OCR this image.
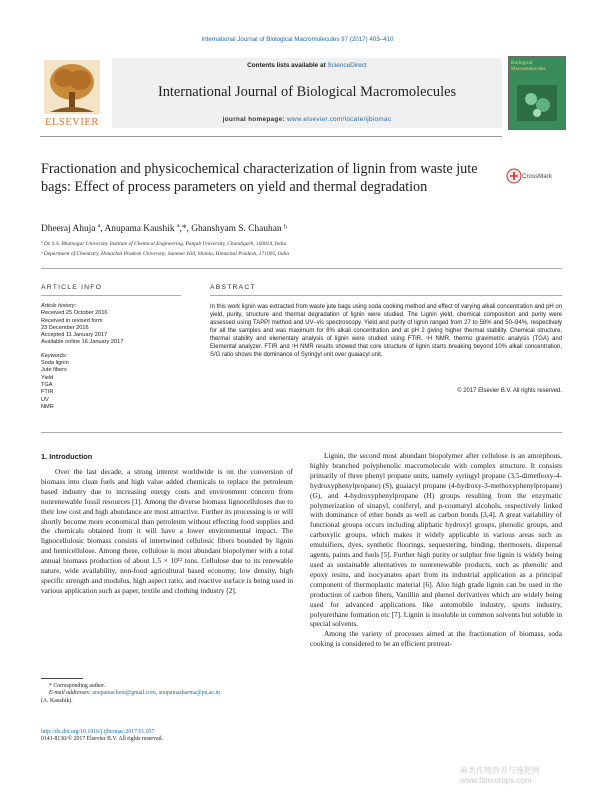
International Journal of Biological Macromolecules 97 (2017) 403–410
ELSEVIER
Contents lists available at ScienceDirect
International Journal of Biological Macromolecules
journal homepage: www.elsevier.com/locate/ijbiomac
Biological Macromolecules
Fractionation and physicochemical characterization of lignin from waste jute bags: Effect of process parameters on yield and thermal degradation
CrossMark
Dheeraj Ahuja ª, Anupama Kaushik ª,*, Ghanshyam S. Chauhan ᵇ
ª Dr. S.S. Bhatnagar University Institute of Chemical Engineering, Panjab University, Chandigarh, 160014, India
ᵇ Department of Chemistry, Himachal Pradesh University, Summer Hill, Shimla, Himachal Pradesh, 171005, India
ARTICLE INFO	ABSTRACT
Article history:
Received 25 October 2016
Received in revised form
23 December 2016
Accepted 11 January 2017
Available online 16 January 2017
Keywords:
Soda lignin
Jute fibers
Yield
TGA
FTIR
UV
NMR
In this work lignin was extracted from waste jute bags using soda cooking method and effect of varying alkali concentration and pH on yield, purity, structure and thermal degradation of lignin were studied. The Lignin yield, chemical composition and purity were assessed using TAPPI method and UV–vis spectroscopy. Yield and purity of lignin ranged from 27 to 58% and 50–94%, respectively for all the samples and was maximum for 8% alkali concentration and at pH 2 giving higher thermal stability. Chemical structure, thermal stability and elementary analysis of lignin were studied using FTIR, ¹H NMR, thermo gravimetric analysis (TGA) and Elemental analyzer. FTIR and ¹H NMR results showed that core structure of lignin starts breaking beyond 10% alkali concentration, S/G ratio shows the dominance of Syringyl unit over guaiacyl unit.
© 2017 Elsevier B.V. All rights reserved.
1. Introduction
Over the last decade, a strong interest worldwide is on the conversion of biomass into clean fuels and high value added chemicals to replace the petroleum based industry due to increasing energy costs and environment concern from nonrenewable fossil resources [1]. Among the diverse biomass lignocelluloses due to their low cost and high abundance are most attractive. Further its processing is or will shortly become more economical than petroleum without effecting food supplies and the chemicals obtained from it will have a lower environmental impact. The lignocellulosic biomass consists of intertwined cellulosic fibers bounded by lignin and hemicellulose. Among these, cellulose is most abundant biopolymer with a total annual biomass production of about 1.5 × 10¹² tons. Cellulose due to its renewable nature, wide availability, non-food agricultural based economy, low density, high specific strength and modulus, high aspect ratio, and reactive surface is being used in various application such as paper, textile and clothing industry [2].

Lignin, the second most abundant biopolymer after cellulose is an amorphous, highly branched polyphenolic macromolecule with complex structure. It consists primarily of three phenyl propane units, namely syringyl propane (3,5-dimethoxy-4-hydroxyphenylpropane) (S), guaiacyl propane (4-hydroxy-3-methoxyphenylpropane) (G), and 4-hydroxyphenylpropane (H) groups resulting from the enzymatic polymerization of sinapyl, coniferyl, and p-coumaryl alcohols, respectively linked with dominance of ether bonds as well as carbon bonds [3,4]. A great variability of functional groups occurs including aliphatic hydroxyl groups, phenolic groups, and carboxylic groups, which makes it widely applicable in various areas such as emulsifiers, dyes, synthetic floorings, sequestering, binding, thermosets, dispersal agents, paints and fuels [5]. Further high purity or sulphur free lignin is widely being used as sustainable alternatives to nonrenewable products, such as phenolic and epoxy resins, and isocyanates apart from its industrial application as a principal component of thermoplastic material [6]. Also high grade lignin can be used in the production of carbon fibers, Vanillin and phenol derivatives which are widely being used for advanced applications like automobile industry, sports industry, polyurethane formation etc [7]. Lignin is insoluble in common solvents but soluble in special solvents.

Among the variety of processes aimed at the fractionation of biomass, soda cooking is considered to be an efficient pretreat-

* Corresponding author.
E-mail addresses: anupamachem@gmail.com, anupamasharma@pu.ac.in
(A. Kaushik).
http://dx.doi.org/10.1016/j.ijbiomac.2017.01.057
0141-8130/© 2017 Elsevier B.V. All rights reserved.
麻类作物营养与施肥网 www.fibercrops.com
